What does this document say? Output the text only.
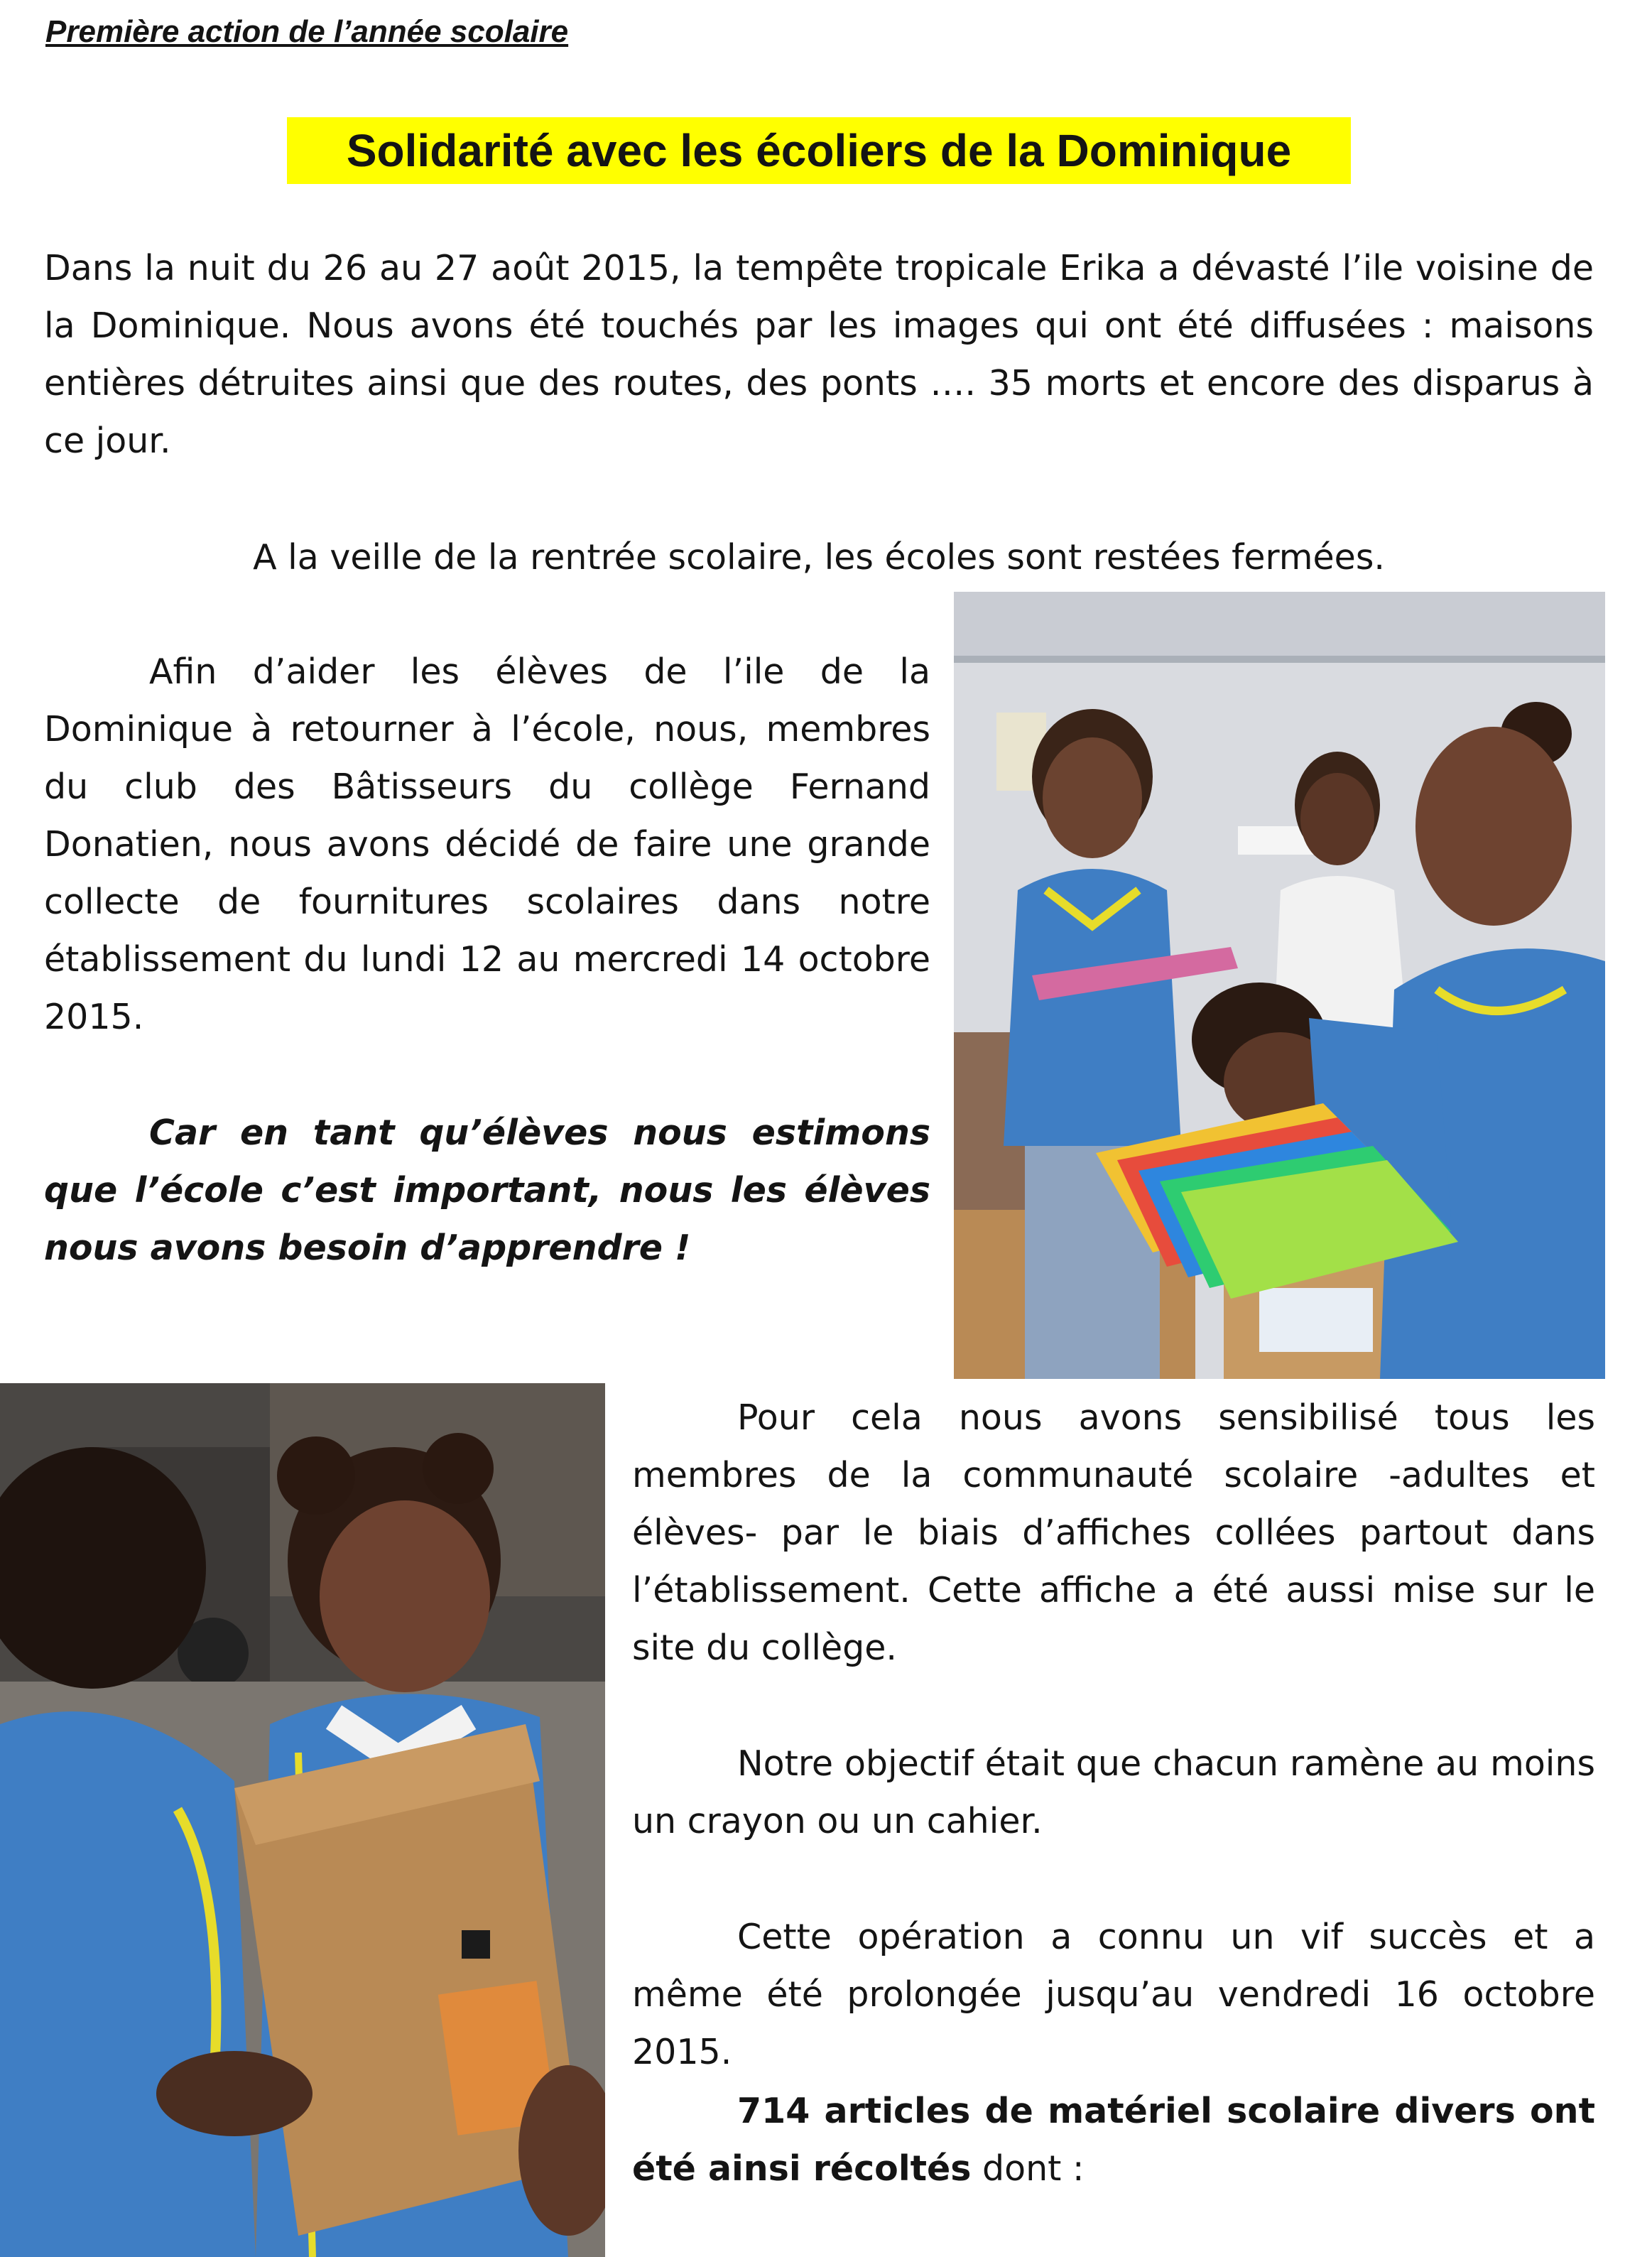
Première action de l’année scolaire
Solidarité avec les écoliers de la Dominique

Dans la nuit du 26 au 27 août 2015, la tempête tropicale Erika a dévasté l’ile voisine de la Dominique. Nous avons été touchés par les images qui ont été diffusées : maisons entières détruites ainsi que des routes, des ponts …. 35 morts et encore des disparus à ce jour.

A la veille de la rentrée scolaire, les écoles sont restées fermées.

Afin d’aider les élèves de l’ile de la Dominique à retourner à l’école, nous, membres du club des Bâtisseurs du collège Fernand Donatien, nous avons décidé de faire une grande collecte de fournitures scolaires dans notre établissement du lundi 12 au mercredi 14 octobre 2015.

Car en tant qu’élèves nous estimons que l’école c’est important, nous les élèves nous avons besoin d’apprendre !

Pour cela nous avons sensibilisé tous les membres de la communauté scolaire -adultes et élèves- par le biais d’affiches collées partout dans l’établissement. Cette affiche a été aussi mise sur le site du collège.

Notre objectif était que chacun ramène au moins un crayon ou un cahier.

Cette opération a connu un vif succès et a même été prolongée jusqu’au vendredi 16 octobre 2015.

714 articles de matériel scolaire divers ont été ainsi récoltés dont :
